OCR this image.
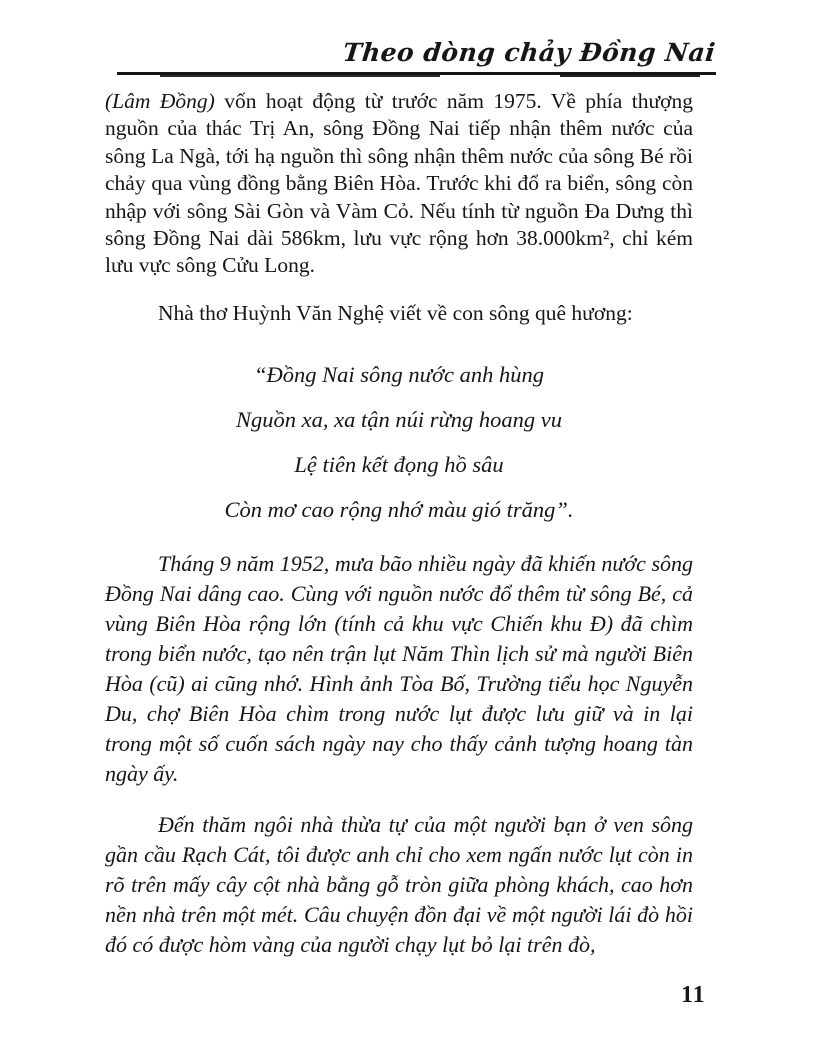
Theo dòng chảy Đồng Nai
(Lâm Đồng) vốn hoạt động từ trước năm 1975. Về phía thượng nguồn của thác Trị An, sông Đồng Nai tiếp nhận thêm nước của sông La Ngà, tới hạ nguồn thì sông nhận thêm nước của sông Bé rồi chảy qua vùng đồng bằng Biên Hòa. Trước khi đổ ra biển, sông còn nhập với sông Sài Gòn và Vàm Cỏ. Nếu tính từ nguồn Đa Dưng thì sông Đồng Nai dài 586km, lưu vực rộng hơn 38.000km², chỉ kém lưu vực sông Cửu Long.
Nhà thơ Huỳnh Văn Nghệ viết về con sông quê hương:
“Đồng Nai sông nước anh hùng
Nguồn xa, xa tận núi rừng hoang vu
Lệ tiên kết đọng hồ sâu
Còn mơ cao rộng nhớ màu gió trăng”.
Tháng 9 năm 1952, mưa bão nhiều ngày đã khiến nước sông Đồng Nai dâng cao. Cùng với nguồn nước đổ thêm từ sông Bé, cả vùng Biên Hòa rộng lớn (tính cả khu vực Chiến khu Đ) đã chìm trong biển nước, tạo nên trận lụt Năm Thìn lịch sử mà người Biên Hòa (cũ) ai cũng nhớ. Hình ảnh Tòa Bố, Trường tiểu học Nguyễn Du, chợ Biên Hòa chìm trong nước lụt được lưu giữ và in lại trong một số cuốn sách ngày nay cho thấy cảnh tượng hoang tàn ngày ấy.
Đến thăm ngôi nhà thừa tự của một người bạn ở ven sông gần cầu Rạch Cát, tôi được anh chỉ cho xem ngấn nước lụt còn in rõ trên mấy cây cột nhà bằng gỗ tròn giữa phòng khách, cao hơn nền nhà trên một mét. Câu chuyện đồn đại về một người lái đò hồi đó có được hòm vàng của người chạy lụt bỏ lại trên đò,
11
